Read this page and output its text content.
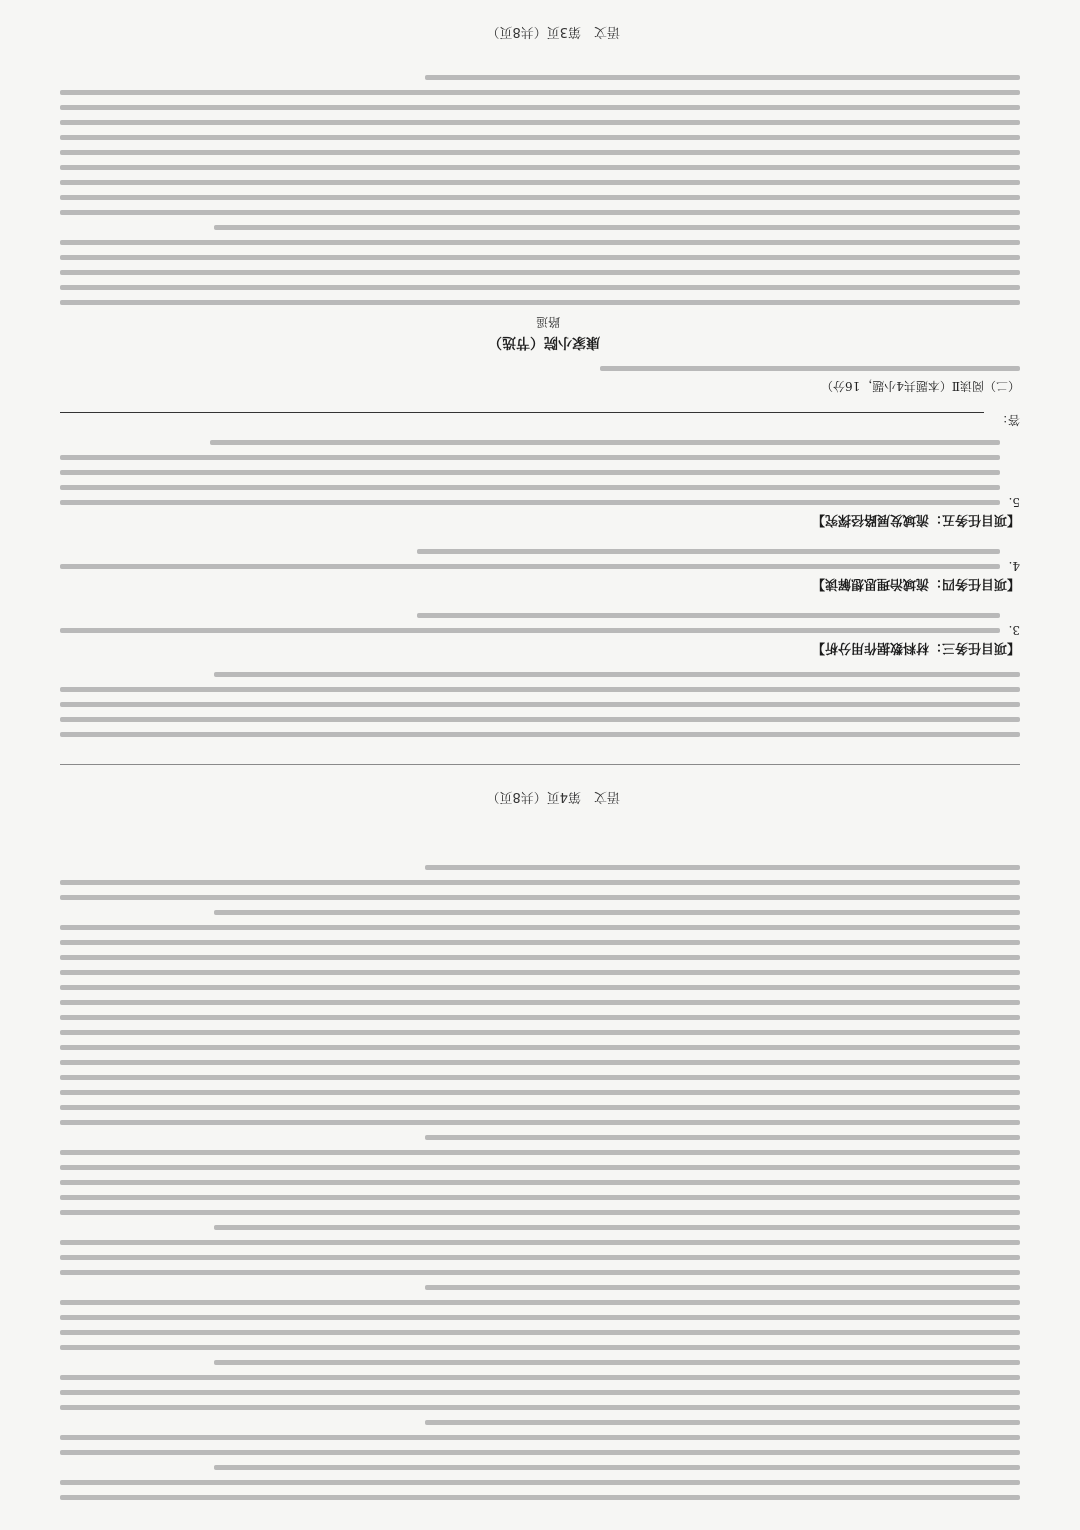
【项目任务三：材料数据作用分析】
3.
【项目任务四：流域治理思想解读】
4.
【项目任务五：流域发展路径探究】
5.
答：
（二）阅读Ⅱ（本题共4小题，16分）
康家小院（节选）
路遥
语文　第3页（共8页）
语文　第4页（共8页）
